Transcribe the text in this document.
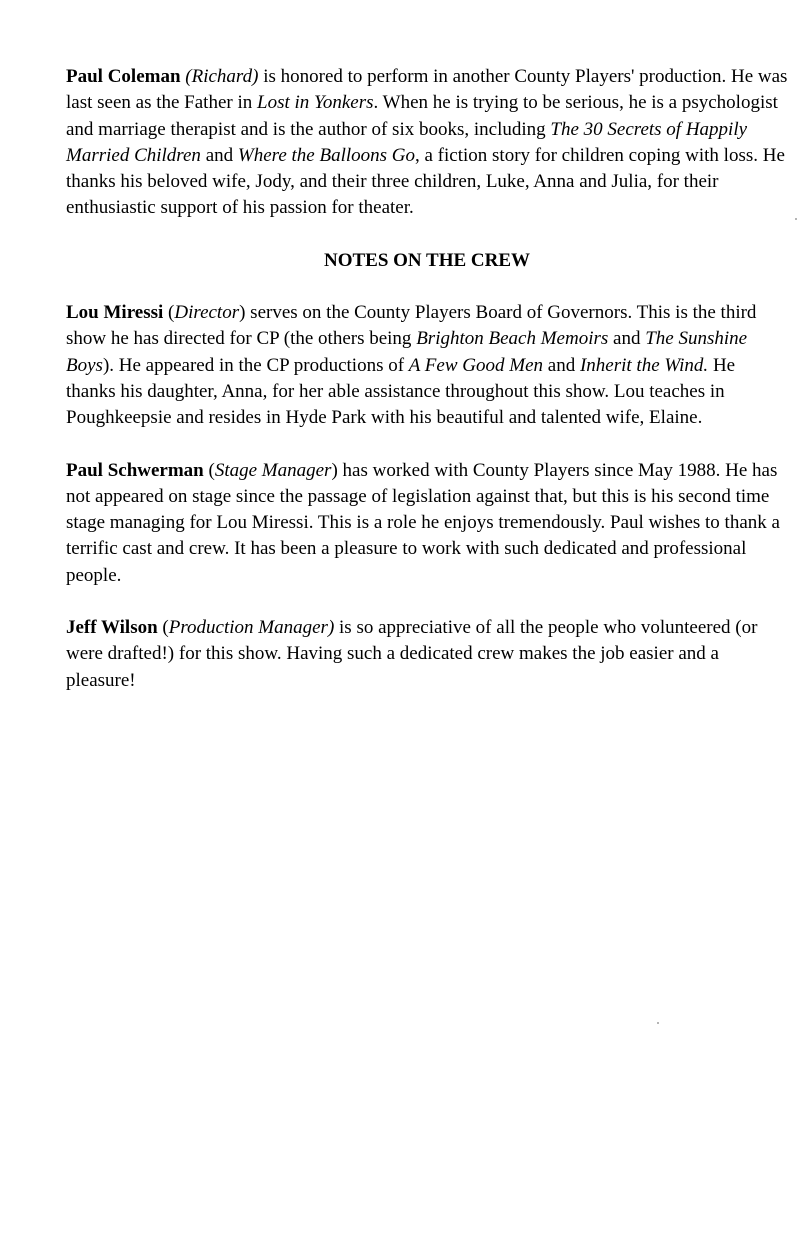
Paul Coleman (Richard) is honored to perform in another County Players' production. He was last seen as the Father in Lost in Yonkers. When he is trying to be serious, he is a psychologist and marriage therapist and is the author of six books, including The 30 Secrets of Happily Married Children and Where the Balloons Go, a fiction story for children coping with loss. He thanks his beloved wife, Jody, and their three children, Luke, Anna and Julia, for their enthusiastic support of his passion for theater.

NOTES ON THE CREW

Lou Miressi (Director) serves on the County Players Board of Governors. This is the third show he has directed for CP (the others being Brighton Beach Memoirs and The Sunshine Boys). He appeared in the CP productions of A Few Good Men and Inherit the Wind. He thanks his daughter, Anna, for her able assistance throughout this show. Lou teaches in Poughkeepsie and resides in Hyde Park with his beautiful and talented wife, Elaine.

Paul Schwerman (Stage Manager) has worked with County Players since May 1988. He has not appeared on stage since the passage of legislation against that, but this is his second time stage managing for Lou Miressi. This is a role he enjoys tremendously. Paul wishes to thank a terrific cast and crew. It has been a pleasure to work with such dedicated and professional people.

Jeff Wilson (Production Manager) is so appreciative of all the people who volunteered (or were drafted!) for this show. Having such a dedicated crew makes the job easier and a pleasure!
